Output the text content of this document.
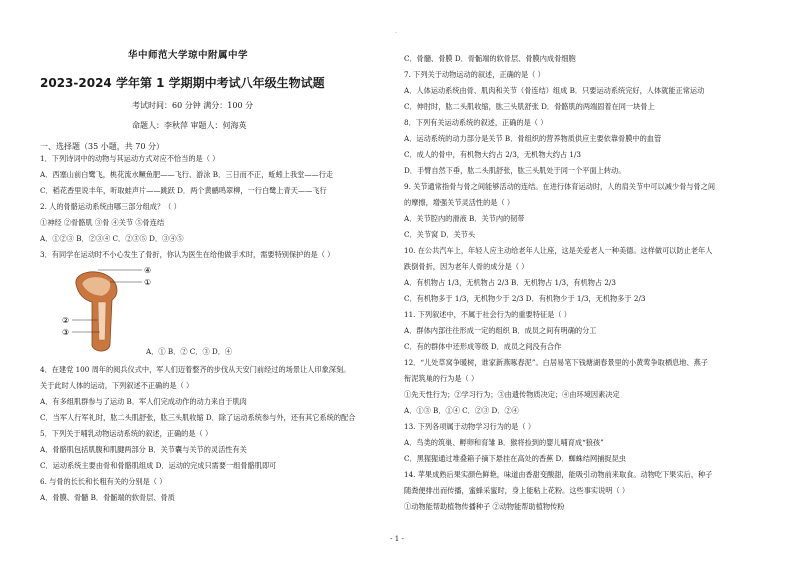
·
华中师范大学琼中附属中学
2023-2024 学年第 1 学期期中考试八年级生物试题
考试时间：60 分钟 满分：100 分
命题人：李秋萍 审题人：何海英
一、选择题（35 小题，共 70 分）
1．下列诗词中的动物与其运动方式对应不恰当的是（ ）
A．西塞山前白鹭飞，桃花流水鳜鱼肥——飞行、游泳 B．三日而不正，蚯蚓上我堂——行走
C．稻花香里说丰年，听取蛙声片——跳跃 D．两个黄鹂鸣翠柳，一行白鹭上青天——飞行
2. 人的骨骼运动系统由哪三部分组成？（ ）
①神经 ②骨骼肌 ③骨 ④关节 ⑤骨连结
A．①②③ B．②③④ C．②③⑤ D．③④⑤
3．有同学在运动时不小心发生了骨折，你认为医生在给他做手术时，需要特别保护的是（ ）
④
①
②
③
A．① B．② C．③ D．④
4．在建党 100 周年的阅兵仪式中，军人们迈着整齐的步伐从天安门前经过的场景让人印象深刻。
关于此时人体的运动，下列叙述不正确的是（ ）
A．有多组肌群参与了运动 B．军人们完成动作的动力来自于肌肉
C．当军人行军礼时，肱二头肌舒张，肱三头肌收缩 D．除了运动系统参与外，还有其它系统的配合
5．下列关于哺乳动物运动系统的叙述，正确的是（ ）
A．骨骼肌包括肌腹和肌腱两部分 B．关节囊与关节的灵活性有关
C．运动系统主要由骨和骨骼肌组成 D．运动的完成只需要一组骨骼肌即可
6. 与骨的长长和长粗有关的分别是（ ）
A．骨膜、骨髓 B．骨骺端的软骨层、骨质
C．骨髓、骨膜 D．骨骺端的软骨层、骨膜内成骨细胞
7. 下列关于动物运动的叙述，正确的是（ ）
A．人体运动系统由骨、肌肉和关节（骨连结）组成 B．只要运动系统完好，人体就能正常运动
C．伸肘时，肱二头肌收缩，肱三头肌舒张 D．骨骼肌的两端固着在同一块骨上
8．下列有关运动系统的叙述，正确的是（ ）
A．运动系统的动力部分是关节 B．骨组织的营养物质供应主要依靠骨膜中的血管
C．成人的骨中，有机物大约占 2/3，无机物大约占 1/3
D．手臂自然下垂，肱二头肌舒张，肱三头肌处于同一个平面上转动。
9. 关节通常指骨与骨之间能够活动的连结。在进行体育运动时，人的肩关节中可以减少骨与骨之间
的摩擦，增强关节灵活性的是（ ）
A．关节腔内的滑液 B．关节内的韧带
C．关节窝 D．关节头
10. 在公共汽车上，年轻人应主动给老年人让座，这是关爱老人一种美德。这样做可以防止老年人
跌倒骨折，因为老年人骨的成分是（ ）
A．有机物占 1/3，无机物占 2/3 B．无机物占 1/3，有机物占 2/3
C．有机物多于 1/3，无机物少于 2/3 D．有机物少于 1/3，无机物多于 2/3
11. 下列叙述中，不属于社会行为的重要特征是（ ）
A．群体内部往往形成一定的组织 B．成员之间有明确的分工
C．有的群体中还形成等级 D．成员之间没有合作
12．“儿处草窝争暖树，谁家新燕啄春泥”。白居易笔下钱塘湖春景里的小黄莺争取栖息地、燕子
衔泥筑巢的行为是（ ）
①先天性行为；②学习行为；③由遗传物质决定；④由环境因素决定
A．①③ B．①④ C．②③ D．②④
13. 下列各项属于动物学习行为的是（ ）
A．鸟类的筑巢、孵卵和育雏 B．猴将捡到的婴儿哺育成“狼孩”
C．黑猩猩通过堆叠箱子摘下悬挂在高处的香蕉 D．蜘蛛结网捕捉昆虫
14. 苹果成熟后果实颜色鲜艳，味道由香甜变酸甜，能吸引动物前来取食。动物吃下果实后，种子
随粪便排出而传播，蜜蜂采蜜时，身上能粘上花粉。这些事实说明（ ）
①动物能帮助植物传播种子 ②动物能帮助植物传粉
- 1 -
